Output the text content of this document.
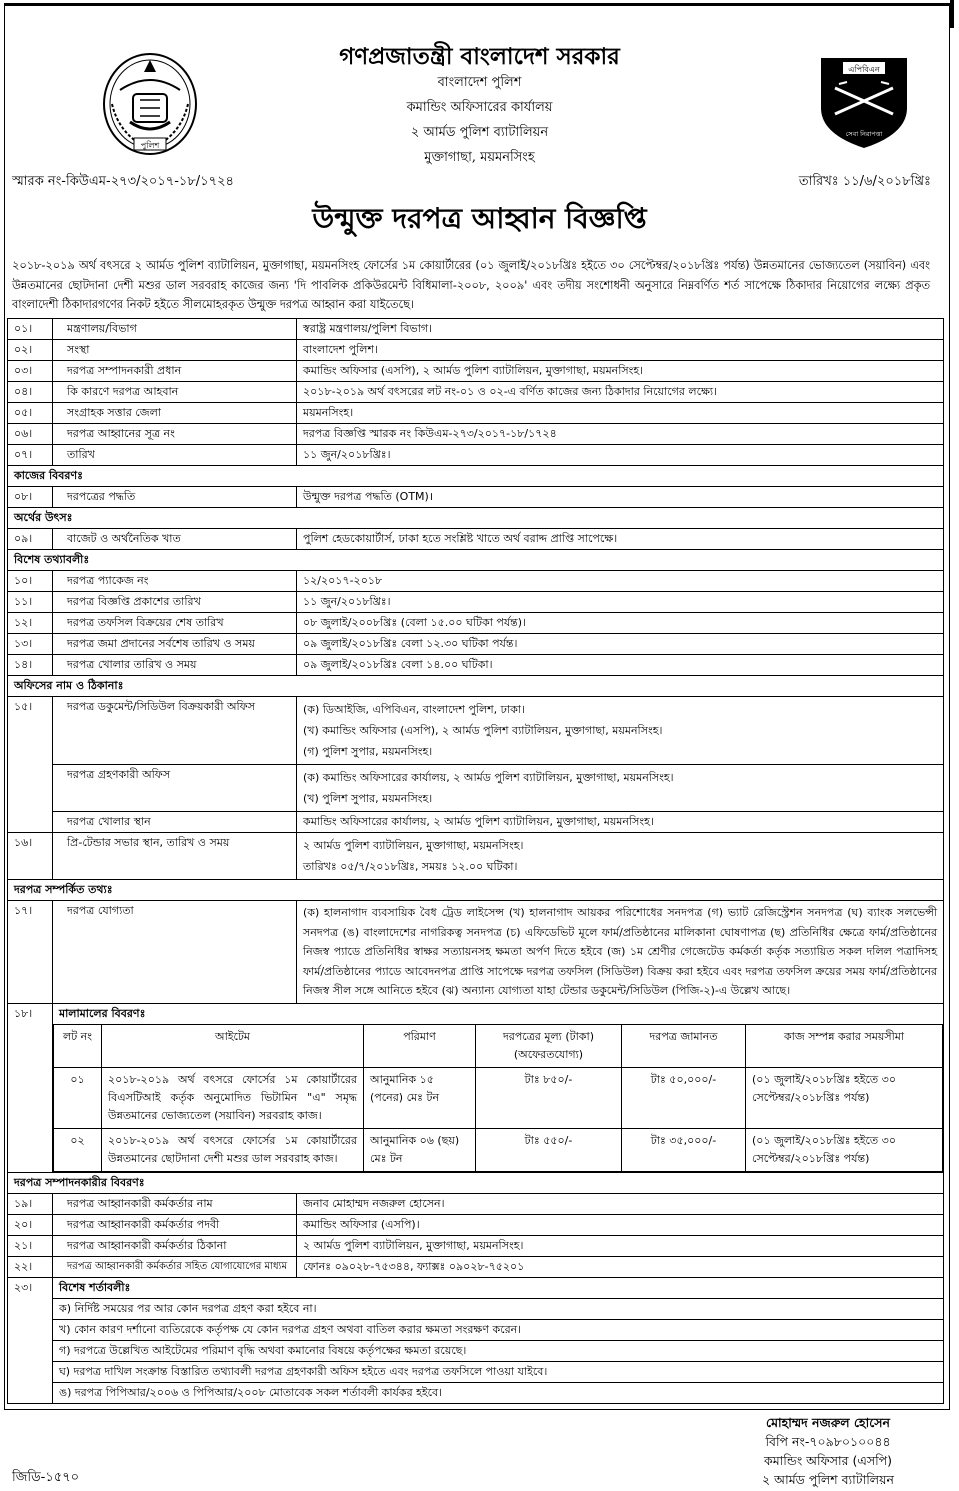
পুলিশ
এপিবিএন
সেবা নিরাপত্তা
গণপ্রজাতন্ত্রী বাংলাদেশ সরকার
বাংলাদেশ পুলিশ
কমান্ডিং অফিসারের কার্যালয়
২ আর্মড পুলিশ ব্যাটালিয়ন
মুক্তাগাছা, ময়মনসিংহ
স্মারক নং-কিউএম-২৭৩/২০১৭-১৮/১৭২৪	তারিখঃ ১১/৬/২০১৮খ্রিঃ
উন্মুক্ত দরপত্র আহ্বান বিজ্ঞপ্তি
২০১৮-২০১৯ অর্থ বৎসরে ২ আর্মড পুলিশ ব্যাটালিয়ন, মুক্তাগাছা, ময়মনসিংহ ফোর্সের ১ম কোয়ার্টারের (০১ জুলাই/২০১৮খ্রিঃ হইতে ৩০ সেপ্টেম্বর/২০১৮খ্রিঃ পর্যন্ত) উন্নতমানের ভোজ্যতেল (সয়াবিন) এবং উন্নতমানের ছোটদানা দেশী মশুর ডাল সরবরাহ কাজের জন্য 'দি পাবলিক প্রকিউরমেন্ট বিধিমালা-২০০৮, ২০০৯' এবং তদীয় সংশোধনী অনুসারে নিম্নবর্ণিত শর্ত সাপেক্ষে ঠিকাদার নিয়োগের লক্ষ্যে প্রকৃত বাংলাদেশী ঠিকাদারগণের নিকট হইতে সীলমোহরকৃত উন্মুক্ত দরপত্র আহ্বান করা যাইতেছে।
০১।	মন্ত্রণালয়/বিভাগ	স্বরাষ্ট্র মন্ত্রণালয়/পুলিশ বিভাগ।
০২।	সংস্থা	বাংলাদেশ পুলিশ।
০৩।	দরপত্র সম্পাদনকারী প্রধান	কমান্ডিং অফিসার (এসপি), ২ আর্মড পুলিশ ব্যাটালিয়ন, মুক্তাগাছা, ময়মনসিংহ।
০৪।	কি কারণে দরপত্র আহবান	২০১৮-২০১৯ অর্থ বৎসরের লট নং-০১ ও ০২-এ বর্ণিত কাজের জন্য ঠিকাদার নিয়োগের লক্ষ্যে।
০৫।	সংগ্রাহক সত্তার জেলা	ময়মনসিংহ।
০৬।	দরপত্র আহ্বানের সূত্র নং	দরপত্র বিজ্ঞপ্তি স্মারক নং কিউএম-২৭৩/২০১৭-১৮/১৭২৪
০৭।	তারিখ	১১ জুন/২০১৮খ্রিঃ।
কাজের বিবরণঃ
০৮।	দরপত্রের পদ্ধতি	উন্মুক্ত দরপত্র পদ্ধতি (OTM)।
অর্থের উৎসঃ
০৯।	বাজেট ও অর্থনৈতিক খাত	পুলিশ হেডকোয়ার্টার্স, ঢাকা হতে সংশ্লিষ্ট খাতে অর্থ বরাদ্দ প্রাপ্তি সাপেক্ষে।
বিশেষ তথ্যাবলীঃ
১০।	দরপত্র প্যাকেজ নং	১২/২০১৭-২০১৮
১১।	দরপত্র বিজ্ঞপ্তি প্রকাশের তারিখ	১১ জুন/২০১৮খ্রিঃ।
১২।	দরপত্র তফসিল বিক্রয়ের শেষ তারিখ	০৮ জুলাই/২০০৮খ্রিঃ (বেলা ১৫.০০ ঘটিকা পর্যন্ত)।
১৩।	দরপত্র জমা প্রদানের সর্বশেষ তারিখ ও সময়	০৯ জুলাই/২০১৮খ্রিঃ বেলা ১২.৩০ ঘটিকা পর্যন্ত।
১৪।	দরপত্র খোলার তারিখ ও সময়	০৯ জুলাই/২০১৮খ্রিঃ বেলা ১৪.০০ ঘটিকা।
অফিসের নাম ও ঠিকানাঃ
১৫।	দরপত্র ডকুমেন্ট/সিডিউল বিক্রয়কারী অফিস	(ক) ডিআইজি, এপিবিএন, বাংলাদেশ পুলিশ, ঢাকা।
(খ) কমান্ডিং অফিসার (এসপি), ২ আর্মড পুলিশ ব্যাটালিয়ন, মুক্তাগাছা, ময়মনসিংহ।
(গ) পুলিশ সুপার, ময়মনসিংহ।

দরপত্র গ্রহণকারী অফিস	(ক) কমান্ডিং অফিসারের কার্যালয়, ২ আর্মড পুলিশ ব্যাটালিয়ন, মুক্তাগাছা, ময়মনসিংহ।
(খ) পুলিশ সুপার, ময়মনসিংহ।

দরপত্র খোলার স্থান	কমান্ডিং অফিসারের কার্যালয়, ২ আর্মড পুলিশ ব্যাটালিয়ন, মুক্তাগাছা, ময়মনসিংহ।
১৬।	প্রি-টেন্ডার সভার স্থান, তারিখ ও সময়	২ আর্মড পুলিশ ব্যাটালিয়ন, মুক্তাগাছা, ময়মনসিংহ।
তারিখঃ ০৫/৭/২০১৮খ্রিঃ, সময়ঃ ১২.০০ ঘটিকা।

দরপত্র সম্পর্কিত তথ্যঃ
১৭।	দরপত্র যোগ্যতা	(ক) হালনাগাদ ব্যবসায়িক বৈধ ট্রেড লাইসেন্স (খ) হালনাগাদ আয়কর পরিশোধের সনদপত্র (গ) ভ্যাট রেজিস্ট্রেশন সনদপত্র (ঘ) ব্যাংক সলভেন্সী সনদপত্র (ঙ) বাংলাদেশের নাগরিকত্ব সনদপত্র (চ) এফিডেভিট মূলে ফার্ম/প্রতিষ্ঠানের মালিকানা ঘোষণাপত্র (ছ) প্রতিনিধির ক্ষেত্রে ফার্ম/প্রতিষ্ঠানের নিজস্ব প্যাডে প্রতিনিধির স্বাক্ষর সত্যায়নসহ ক্ষমতা অর্পণ দিতে হইবে (জ) ১ম শ্রেণীর গেজেটেড কর্মকর্তা কর্তৃক সত্যায়িত সকল দলিল পত্রাদিসহ ফার্ম/প্রতিষ্ঠানের প্যাডে আবেদনপত্র প্রাপ্তি সাপেক্ষে দরপত্র তফসিল (সিডিউল) বিক্রয় করা হইবে এবং দরপত্র তফসিল ক্রয়ের সময় ফার্ম/প্রতিষ্ঠানের নিজস্ব সীল সঙ্গে আনিতে হইবে (ঝ) অন্যান্য যোগ্যতা যাহা টেন্ডার ডকুমেন্ট/সিডিউল (পিজি-২)-এ উল্লেখ আছে।
১৮।	মালামালের বিবরণঃ
লট নং	আইটেম	পরিমাণ	দরপত্রের মূল্য (টাকা) (অফেরতযোগ্য)	দরপত্র জামানত	কাজ সম্পন্ন করার সময়সীমা
০১	২০১৮-২০১৯ অর্থ বৎসরে ফোর্সের ১ম কোয়ার্টারের বিএসটিআই কর্তৃক অনুমোদিত ভিটামিন "এ" সমৃদ্ধ উন্নতমানের ভোজ্যতেল (সয়াবিন) সরবরাহ কাজ।	আনুমানিক ১৫ (পনের) মেঃ টন	টাঃ ৮৫০/-	টাঃ ৫০,০০০/-	(০১ জুলাই/২০১৮খ্রিঃ হইতে ৩০ সেপ্টেম্বর/২০১৮খ্রিঃ পর্যন্ত)
০২	২০১৮-২০১৯ অর্থ বৎসরে ফোর্সের ১ম কোয়ার্টারের উন্নতমানের ছোটদানা দেশী মশুর ডাল সরবরাহ কাজ।	আনুমানিক ০৬ (ছয়) মেঃ টন	টাঃ ৫৫০/-	টাঃ ৩৫,০০০/-	(০১ জুলাই/২০১৮খ্রিঃ হইতে ৩০ সেপ্টেম্বর/২০১৮খ্রিঃ পর্যন্ত)

দরপত্র সম্পাদনকারীর বিবরণঃ
১৯।	দরপত্র আহ্বানকারী কর্মকর্তার নাম	জনাব মোহাম্মদ নজরুল হোসেন।
২০।	দরপত্র আহ্বানকারী কর্মকর্তার পদবী	কমান্ডিং অফিসার (এসপি)।
২১।	দরপত্র আহ্বানকারী কর্মকর্তার ঠিকানা	২ আর্মড পুলিশ ব্যাটালিয়ন, মুক্তাগাছা, ময়মনসিংহ।
২২।	দরপত্র আহ্বানকারী কর্মকর্তার সহিত যোগাযোগের মাধ্যম	ফোনঃ ০৯০২৮-৭৫৩৪৪, ফ্যাক্সঃ ০৯০২৮-৭৫২০১
২৩।	বিশেষ শর্তাবলীঃ
ক) নির্দিষ্ট সময়ের পর আর কোন দরপত্র গ্রহণ করা হইবে না।
খ) কোন কারণ দর্শানো ব্যতিরেকে কর্তৃপক্ষ যে কোন দরপত্র গ্রহণ অথবা বাতিল করার ক্ষমতা সংরক্ষণ করেন।
গ) দরপত্রে উল্লেখিত আইটেমের পরিমাণ বৃদ্ধি অথবা কমানোর বিষয়ে কর্তৃপক্ষের ক্ষমতা রয়েছে।
ঘ) দরপত্র দাখিল সংক্রান্ত বিস্তারিত তথ্যাবলী দরপত্র গ্রহণকারী অফিস হইতে এবং দরপত্র তফসিলে পাওয়া যাইবে।
ঙ) দরপত্র পিপিআর/২০০৬ ও পিপিআর/২০০৮ মোতাবেক সকল শর্তাবলী কার্যকর হইবে।
মোহাম্মদ নজরুল হোসেন
বিপি নং-৭০৯৮০১০০৪৪
কমান্ডিং অফিসার (এসপি)
২ আর্মড পুলিশ ব্যাটালিয়ন
জিডি-১৫৭০
